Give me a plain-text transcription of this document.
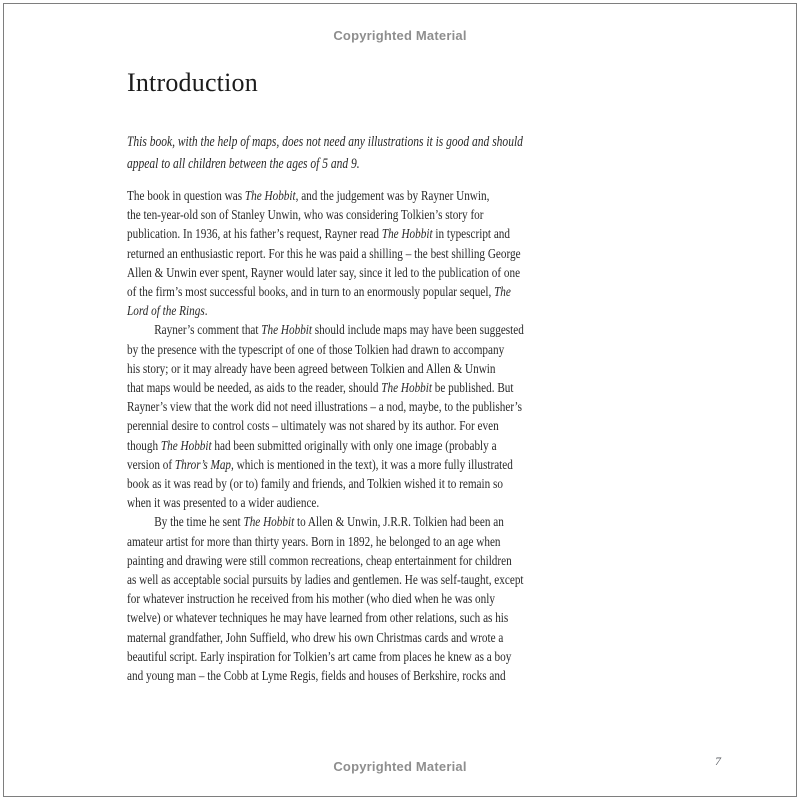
Copyrighted Material
Introduction
This book, with the help of maps, does not need any illustrations it is good and should
appeal to all children between the ages of 5 and 9.
The book in question was The Hobbit, and the judgement was by Rayner Unwin,
the ten-year-old son of Stanley Unwin, who was considering Tolkien’s story for
publication. In 1936, at his father’s request, Rayner read The Hobbit in typescript and
returned an enthusiastic report. For this he was paid a shilling – the best shilling George
Allen & Unwin ever spent, Rayner would later say, since it led to the publication of one
of the firm’s most successful books, and in turn to an enormously popular sequel, The
Lord of the Rings.
Rayner’s comment that The Hobbit should include maps may have been suggested
by the presence with the typescript of one of those Tolkien had drawn to accompany
his story; or it may already have been agreed between Tolkien and Allen & Unwin
that maps would be needed, as aids to the reader, should The Hobbit be published. But
Rayner’s view that the work did not need illustrations – a nod, maybe, to the publisher’s
perennial desire to control costs – ultimately was not shared by its author. For even
though The Hobbit had been submitted originally with only one image (probably a
version of Thror’s Map, which is mentioned in the text), it was a more fully illustrated
book as it was read by (or to) family and friends, and Tolkien wished it to remain so
when it was presented to a wider audience.
By the time he sent The Hobbit to Allen & Unwin, J.R.R. Tolkien had been an
amateur artist for more than thirty years. Born in 1892, he belonged to an age when
painting and drawing were still common recreations, cheap entertainment for children
as well as acceptable social pursuits by ladies and gentlemen. He was self-taught, except
for whatever instruction he received from his mother (who died when he was only
twelve) or whatever techniques he may have learned from other relations, such as his
maternal grandfather, John Suffield, who drew his own Christmas cards and wrote a
beautiful script. Early inspiration for Tolkien’s art came from places he knew as a boy
and young man – the Cobb at Lyme Regis, fields and houses of Berkshire, rocks and
Copyrighted Material	7
